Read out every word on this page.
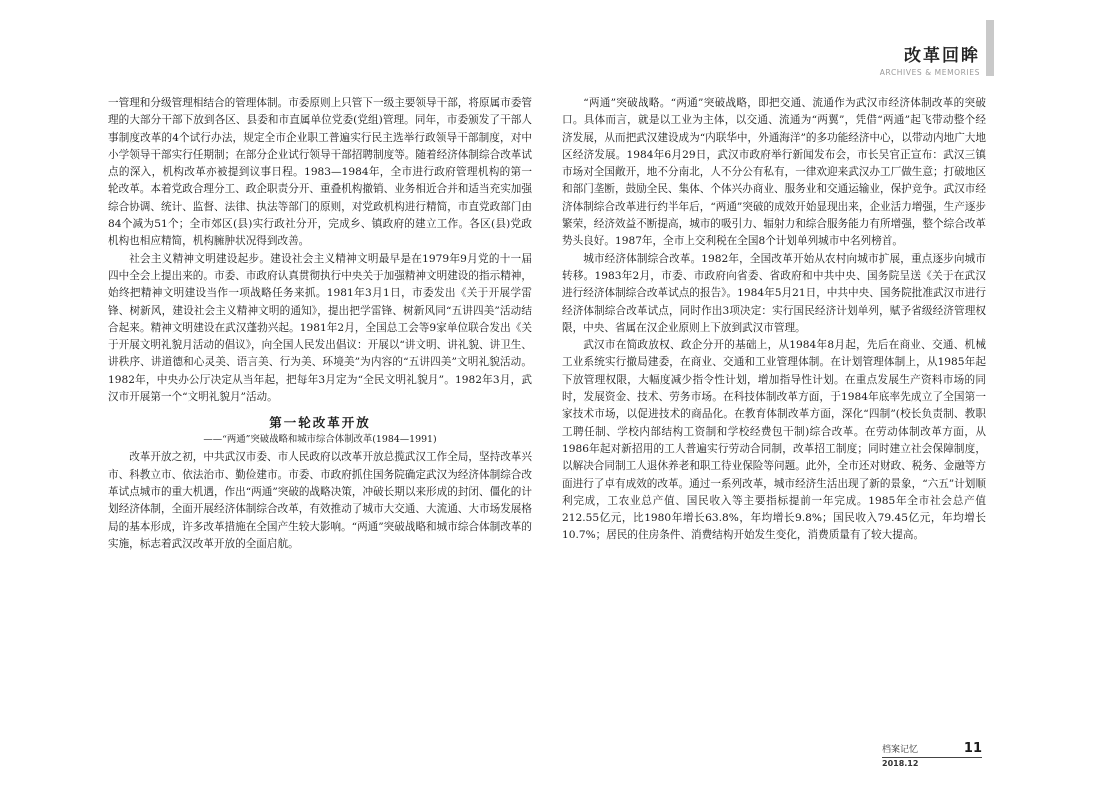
改革回眸
ARCHIVES & MEMORIES

一管理和分级管理相结合的管理体制。市委原则上只管下一级主要领导干部，将原属市委管理的大部分干部下放到各区、县委和市直属单位党委(党组)管理。同年，市委颁发了干部人事制度改革的4个试行办法，规定全市企业职工普遍实行民主选举行政领导干部制度，对中小学领导干部实行任期制；在部分企业试行领导干部招聘制度等。随着经济体制综合改革试点的深入，机构改革亦被提到议事日程。1983—1984年，全市进行政府管理机构的第一轮改革。本着党政合理分工、政企职责分开、重叠机构撤销、业务相近合并和适当充实加强综合协调、统计、监督、法律、执法等部门的原则，对党政机构进行精简，市直党政部门由84个减为51个；全市郊区(县)实行政社分开，完成乡、镇政府的建立工作。各区(县)党政机构也相应精简，机构臃肿状况得到改善。

社会主义精神文明建设起步。建设社会主义精神文明最早是在1979年9月党的十一届四中全会上提出来的。市委、市政府认真贯彻执行中央关于加强精神文明建设的指示精神，始终把精神文明建设当作一项战略任务来抓。1981年3月1日，市委发出《关于开展学雷锋、树新风，建设社会主义精神文明的通知》，提出把学雷锋、树新风同“五讲四美”活动结合起来。精神文明建设在武汉蓬勃兴起。1981年2月，全国总工会等9家单位联合发出《关于开展文明礼貌月活动的倡议》，向全国人民发出倡议：开展以“讲文明、讲礼貌、讲卫生、讲秩序、讲道德和心灵美、语言美、行为美、环境美”为内容的“五讲四美”文明礼貌活动。1982年，中央办公厅决定从当年起，把每年3月定为“全民文明礼貌月”。1982年3月，武汉市开展第一个“文明礼貌月”活动。

第一轮改革开放
——“两通”突破战略和城市综合体制改革(1984—1991)

改革开放之初，中共武汉市委、市人民政府以改革开放总揽武汉工作全局，坚持改革兴市、科教立市、依法治市、勤俭建市。市委、市政府抓住国务院确定武汉为经济体制综合改革试点城市的重大机遇，作出“两通”突破的战略决策，冲破长期以来形成的封闭、僵化的计划经济体制，全面开展经济体制综合改革，有效推动了城市大交通、大流通、大市场发展格局的基本形成，许多改革措施在全国产生较大影响。“两通”突破战略和城市综合体制改革的实施，标志着武汉改革开放的全面启航。

“两通”突破战略。“两通”突破战略，即把交通、流通作为武汉市经济体制改革的突破口。具体而言，就是以工业为主体，以交通、流通为“两翼”，凭借“两通”起飞带动整个经济发展，从而把武汉建设成为“内联华中，外通海洋”的多功能经济中心，以带动内地广大地区经济发展。1984年6月29日，武汉市政府举行新闻发布会，市长吴官正宣布：武汉三镇市场对全国敞开，地不分南北，人不分公有私有，一律欢迎来武汉办工厂做生意；打破地区和部门垄断，鼓励全民、集体、个体兴办商业、服务业和交通运输业，保护竞争。武汉市经济体制综合改革进行约半年后，“两通”突破的成效开始显现出来，企业活力增强，生产逐步繁荣，经济效益不断提高，城市的吸引力、辐射力和综合服务能力有所增强，整个综合改革势头良好。1987年，全市上交利税在全国8个计划单列城市中名列榜首。

城市经济体制综合改革。1982年，全国改革开始从农村向城市扩展，重点逐步向城市转移。1983年2月，市委、市政府向省委、省政府和中共中央、国务院呈送《关于在武汉进行经济体制综合改革试点的报告》。1984年5月21日，中共中央、国务院批准武汉市进行经济体制综合改革试点，同时作出3项决定：实行国民经济计划单列，赋予省级经济管理权限，中央、省属在汉企业原则上下放到武汉市管理。

武汉市在简政放权、政企分开的基础上，从1984年8月起，先后在商业、交通、机械工业系统实行撤局建委，在商业、交通和工业管理体制。在计划管理体制上，从1985年起下放管理权限，大幅度减少指令性计划，增加指导性计划。在重点发展生产资料市场的同时，发展资金、技术、劳务市场。在科技体制改革方面，于1984年底率先成立了全国第一家技术市场，以促进技术的商品化。在教育体制改革方面，深化“四制”(校长负责制、教职工聘任制、学校内部结构工资制和学校经费包干制)综合改革。在劳动体制改革方面，从1986年起对新招用的工人普遍实行劳动合同制，改革招工制度；同时建立社会保障制度，以解决合同制工人退休养老和职工待业保险等问题。此外，全市还对财政、税务、金融等方面进行了卓有成效的改革。通过一系列改革，城市经济生活出现了新的景象，“六五”计划顺利完成，工农业总产值、国民收入等主要指标提前一年完成。1985年全市社会总产值212.55亿元，比1980年增长63.8%，年均增长9.8%；国民收入79.45亿元，年均增长10.7%；居民的住房条件、消费结构开始发生变化，消费质量有了较大提高。

档案记忆	11
2018.12
